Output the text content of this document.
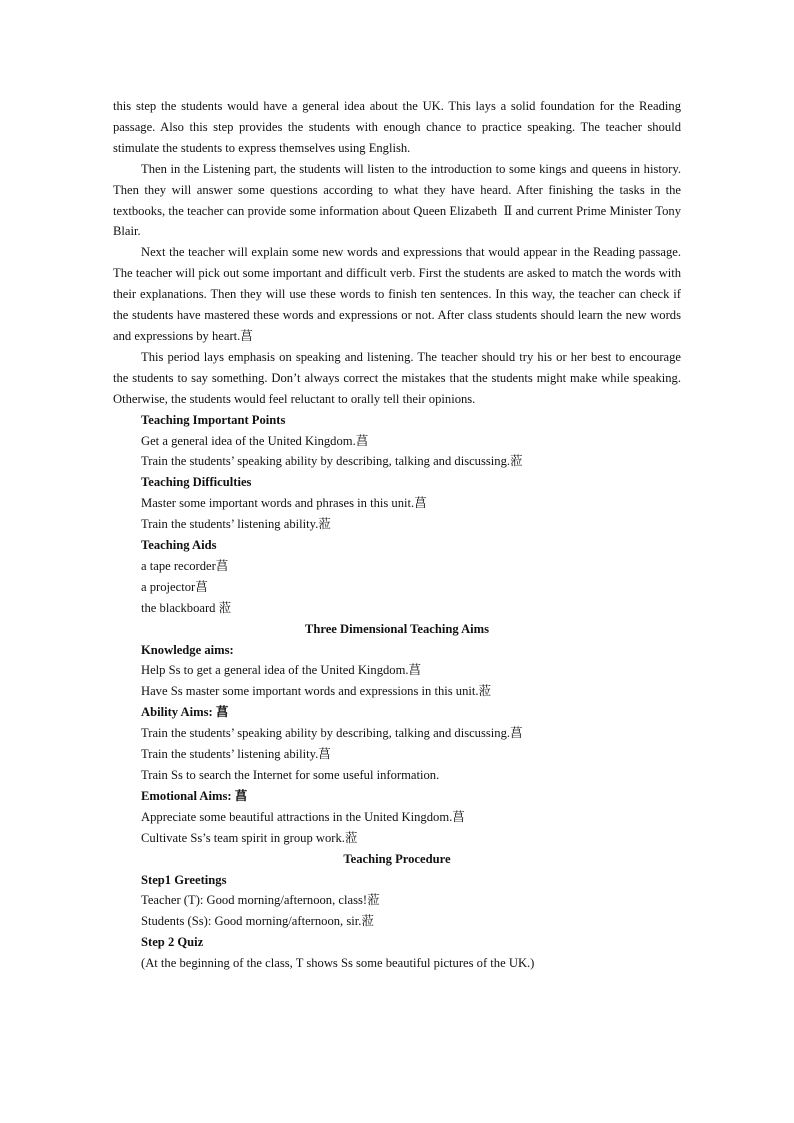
this step the students would have a general idea about the UK. This lays a solid foundation for the Reading passage. Also this step provides the students with enough chance to practice speaking. The teacher should stimulate the students to express themselves using English.

Then in the Listening part, the students will listen to the introduction to some kings and queens in history. Then they will answer some questions according to what they have heard. After finishing the tasks in the textbooks, the teacher can provide some information about Queen Elizabeth  Ⅱ and current Prime Minister Tony Blair.

Next the teacher will explain some new words and expressions that would appear in the Reading passage. The teacher will pick out some important and difficult verb. First the students are asked to match the words with their explanations. Then they will use these words to finish ten sentences. In this way, the teacher can check if the students have mastered these words and expressions or not. After class students should learn the new words and expressions by heart.菖

This period lays emphasis on speaking and listening. The teacher should try his or her best to encourage the students to say something. Don’t always correct the mistakes that the students might make while speaking. Otherwise, the students would feel reluctant to orally tell their opinions.

Teaching Important Points

Get a general idea of the United Kingdom.菖

Train the students’ speaking ability by describing, talking and discussing.蒞

Teaching Difficulties

Master some important words and phrases in this unit.菖

Train the students’ listening ability.蒞

Teaching Aids

a tape recorder菖

a projector菖

the blackboard 蒞

Three Dimensional Teaching Aims

Knowledge aims:

Help Ss to get a general idea of the United Kingdom.菖

Have Ss master some important words and expressions in this unit.蒞

Ability Aims: 菖

Train the students’ speaking ability by describing, talking and discussing.菖

Train the students’ listening ability.菖

Train Ss to search the Internet for some useful information.

Emotional Aims: 菖

Appreciate some beautiful attractions in the United Kingdom.菖

Cultivate Ss’s team spirit in group work.蒞

Teaching Procedure

Step1 Greetings

Teacher (T): Good morning/afternoon, class!蒞

Students (Ss): Good morning/afternoon, sir.蒞

Step 2 Quiz

(At the beginning of the class, T shows Ss some beautiful pictures of the UK.)
